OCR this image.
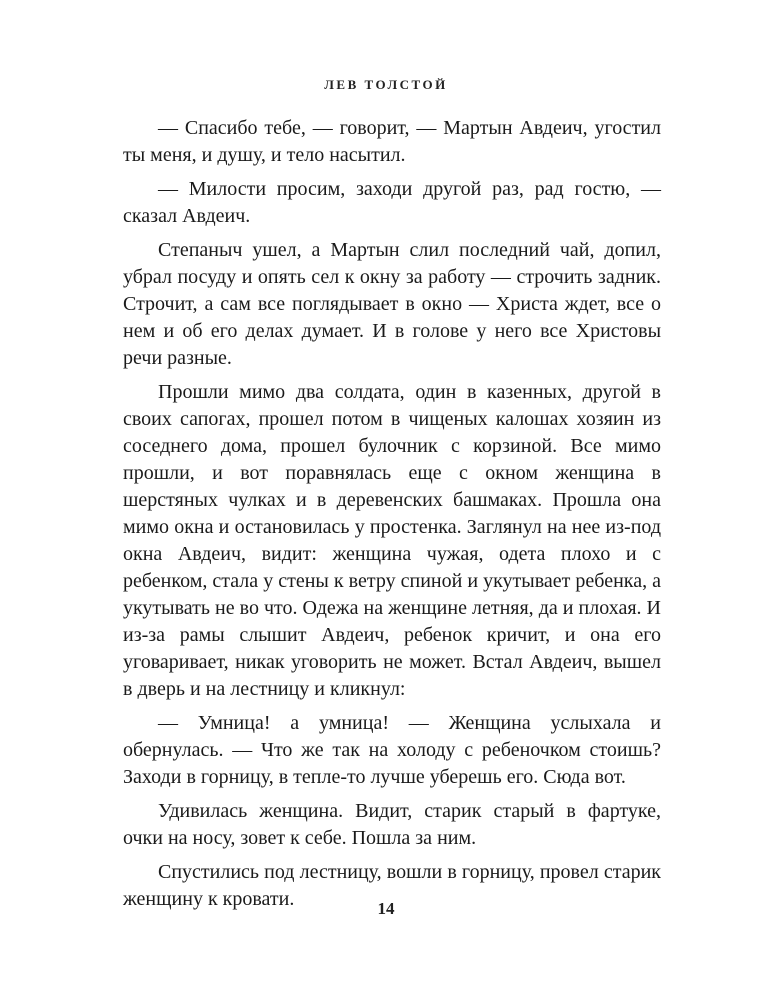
ЛЕВ ТОЛСТОЙ

— Спасибо тебе, — говорит, — Мартын Авдеич, угостил ты меня, и душу, и тело насытил.

— Милости просим, заходи другой раз, рад гостю, — сказал Авдеич.

Степаныч ушел, а Мартын слил последний чай, допил, убрал посуду и опять сел к окну за работу — строчить задник. Строчит, а сам все поглядывает в окно — Христа ждет, все о нем и об его делах думает. И в голове у него все Христовы речи разные.

Прошли мимо два солдата, один в казенных, другой в своих сапогах, прошел потом в чищеных калошах хозяин из соседнего дома, прошел булочник с корзиной. Все мимо прошли, и вот поравнялась еще с окном женщина в шерстяных чулках и в деревенских башмаках. Прошла она мимо окна и остановилась у простенка. Заглянул на нее из-под окна Авдеич, видит: женщина чужая, одета плохо и с ребенком, стала у стены к ветру спиной и укутывает ребенка, а укутывать не во что. Одежа на женщине летняя, да и плохая. И из-за рамы слышит Авдеич, ребенок кричит, и она его уговаривает, никак уговорить не может. Встал Авдеич, вышел в дверь и на лестницу и кликнул:

— Умница! а умница! — Женщина услыхала и обернулась. — Что же так на холоду с ребеночком стоишь? Заходи в горницу, в тепле-то лучше уберешь его. Сюда вот.

Удивилась женщина. Видит, старик старый в фартуке, очки на носу, зовет к себе. Пошла за ним.

Спустились под лестницу, вошли в горницу, провел старик женщину к кровати.	14
